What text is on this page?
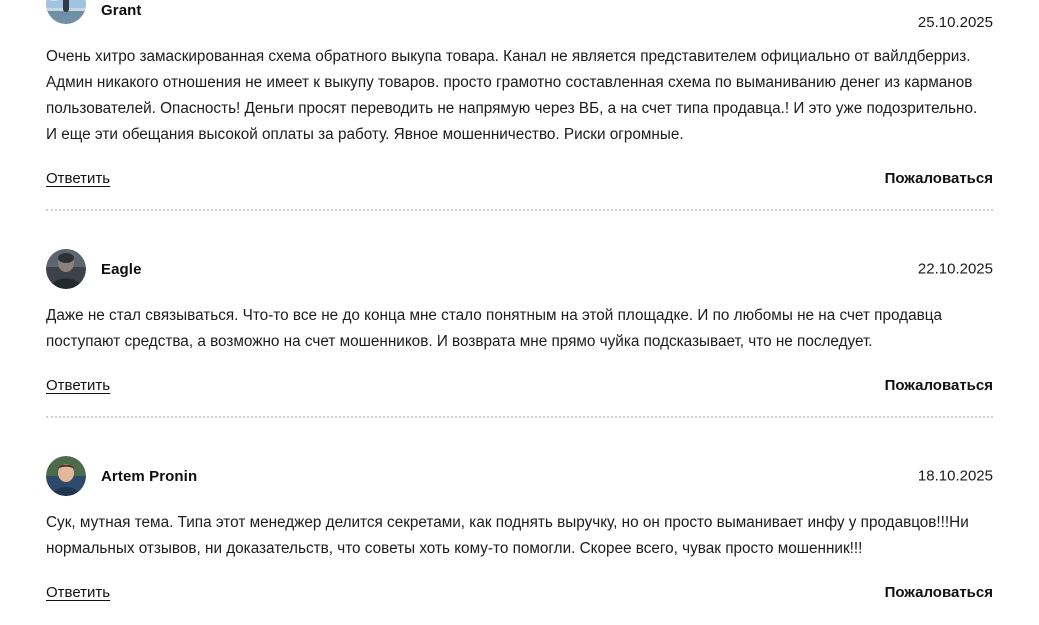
Grant
25.10.2025
Очень хитро замаскированная схема обратного выкупа товара. Канал не является представителем официально от вайлдберриз. Админ никакого отношения не имеет к выкупу товаров. просто грамотно составленная схема по выманиванию денег из карманов пользователей. Опасность! Деньги просят переводить не напрямую через ВБ, а на счет типа продавца.! И это уже подозрительно. И еще эти обещания высокой оплаты за работу. Явное мошенничество. Риски огромные.
Ответить	Пожаловаться
Eagle	22.10.2025
Даже не стал связываться. Что-то все не до конца мне стало понятным на этой площадке. И по любомы не на счет продавца поступают средства, а возможно на счет мошенников. И возврата мне прямо чуйка подсказывает, что не последует.
Ответить	Пожаловаться
Artem Pronin	18.10.2025
Сук, мутная тема. Типа этот менеджер делится секретами, как поднять выручку, но он просто выманивает инфу у продавцов!!!Ни нормальных отзывов, ни доказательств, что советы хоть кому-то помогли. Скорее всего, чувак просто мошенник!!!
Ответить	Пожаловаться
